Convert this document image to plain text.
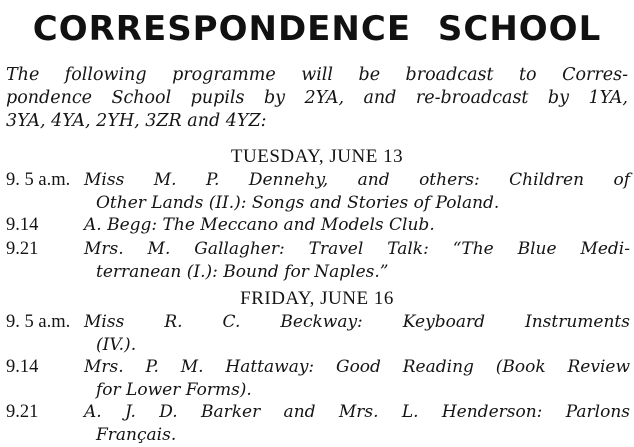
CORRESPONDENCE SCHOOL
The following programme will be broadcast to Corres-
pondence School pupils by 2YA, and re-broadcast by 1YA,
3YA, 4YA, 2YH, 3ZR and 4YZ:
TUESDAY, JUNE 13
9. 5 a.m. Miss M. P. Dennehy, and others: Children of
Other Lands (II.): Songs and Stories of Poland.
9.14	A. Begg: The Meccano and Models Club.
9.21	Mrs. M. Gallagher: Travel Talk: “The Blue Medi-
terranean (I.): Bound for Naples.”
FRIDAY, JUNE 16
9. 5 a.m. Miss R. C. Beckway: Keyboard Instruments
(IV.).
9.14	Mrs. P. M. Hattaway: Good Reading (Book Review
for Lower Forms).
9.21	A. J. D. Barker and Mrs. L. Henderson: Parlons
Français.
